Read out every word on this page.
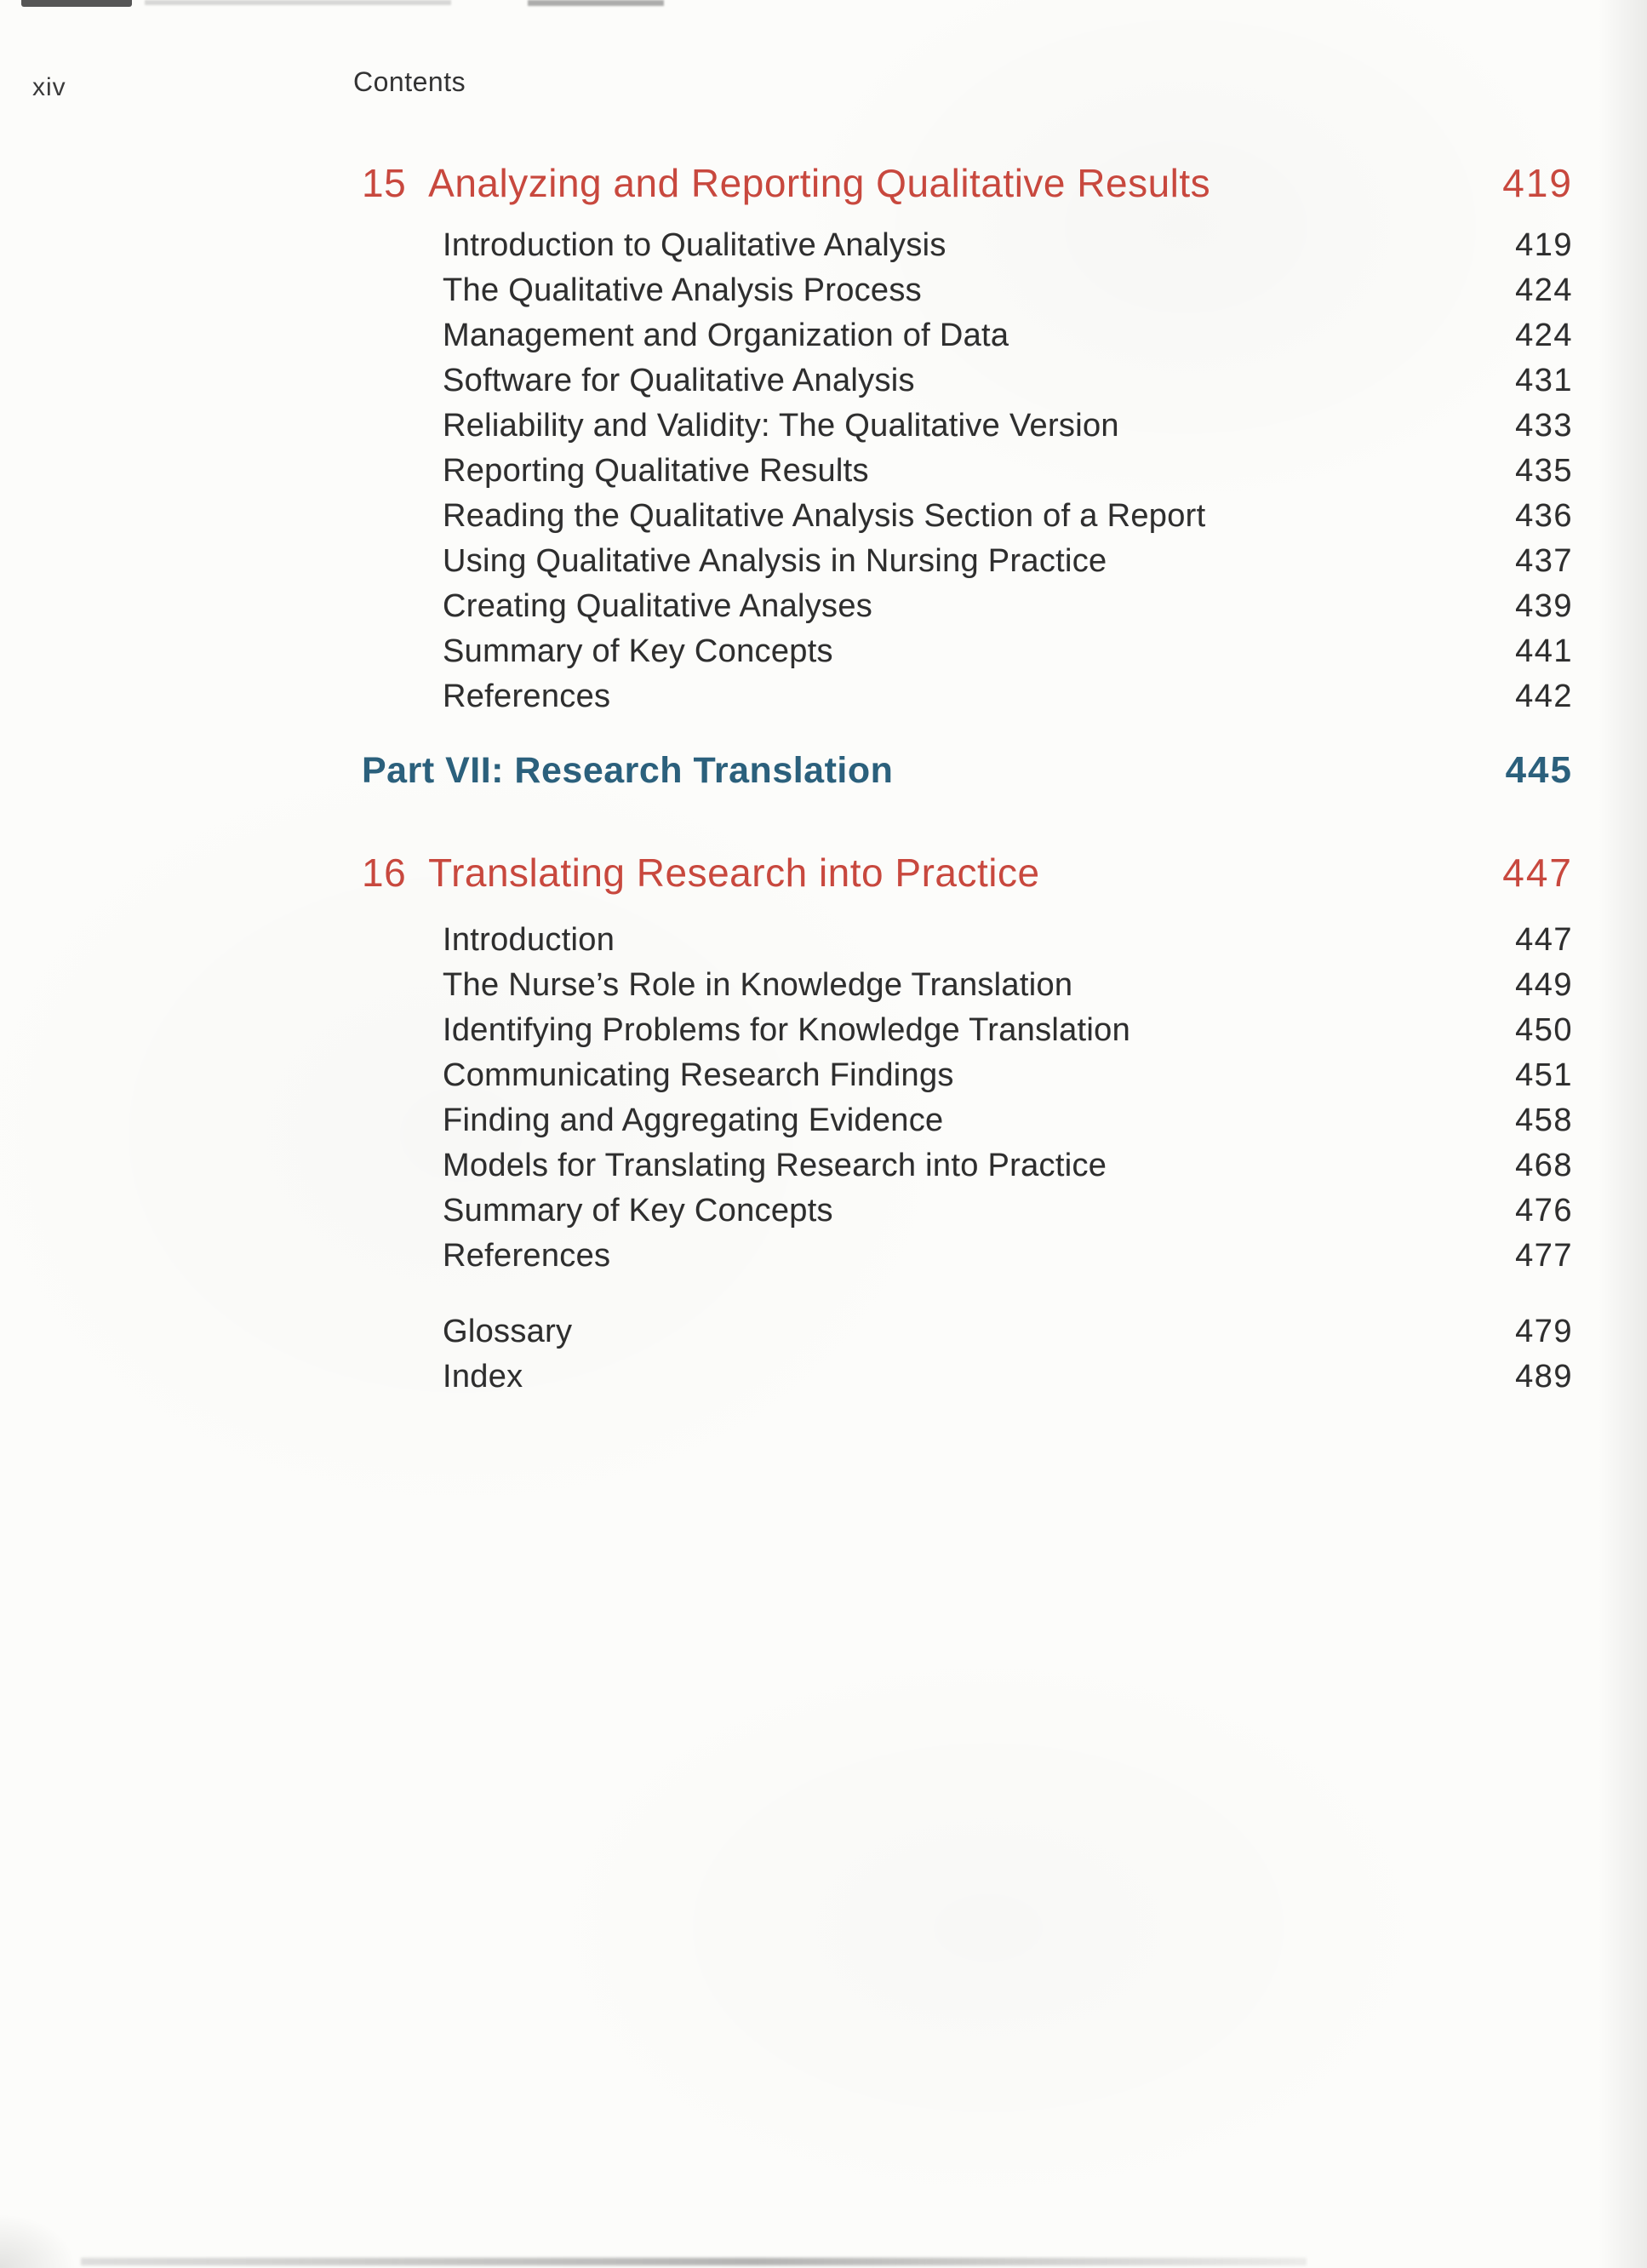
xiv	Contents
15 Analyzing and Reporting Qualitative Results	419
Introduction to Qualitative Analysis	419
The Qualitative Analysis Process	424
Management and Organization of Data	424
Software for Qualitative Analysis	431
Reliability and Validity: The Qualitative Version	433
Reporting Qualitative Results	435
Reading the Qualitative Analysis Section of a Report	436
Using Qualitative Analysis in Nursing Practice	437
Creating Qualitative Analyses	439
Summary of Key Concepts	441
References	442
Part VII: Research Translation	445
16 Translating Research into Practice	447
Introduction	447
The Nurse’s Role in Knowledge Translation	449
Identifying Problems for Knowledge Translation	450
Communicating Research Findings	451
Finding and Aggregating Evidence	458
Models for Translating Research into Practice	468
Summary of Key Concepts	476
References	477
Glossary	479
Index	489
